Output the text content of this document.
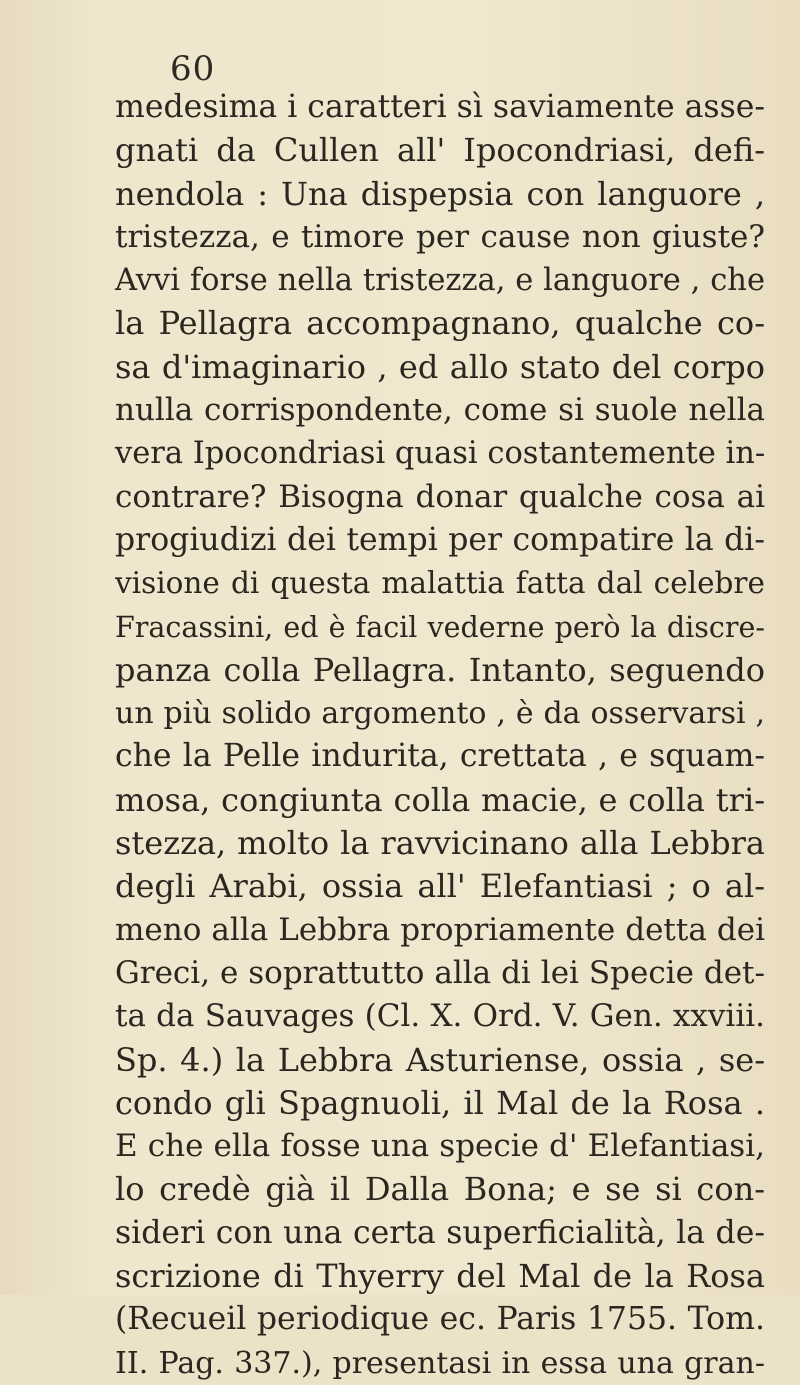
60
medesima i caratteri sì saviamente asse-
gnati da Cullen all' Ipocondriasi, defi-
nendola : Una dispepsia con languore ,
tristezza, e timore per cause non giuste?
Avvi forse nella tristezza, e languore , che
la Pellagra accompagnano, qualche co-
sa d'imaginario , ed allo stato del corpo
nulla corrispondente, come si suole nella
vera Ipocondriasi quasi costantemente in-
contrare? Bisogna donar qualche cosa ai
progiudizi dei tempi per compatire la di-
visione di questa malattia fatta dal celebre
Fracassini, ed è facil vederne però la discre-
panza colla Pellagra. Intanto, seguendo
un più solido argomento , è da osservarsi ,
che la Pelle indurita, crettata , e squam-
mosa, congiunta colla macie, e colla tri-
stezza, molto la ravvicinano alla Lebbra
degli Arabi, ossia all' Elefantiasi ; o al-
meno alla Lebbra propriamente detta dei
Greci, e soprattutto alla di lei Specie det-
ta da Sauvages (Cl. X. Ord. V. Gen. xxviii.
Sp. 4.) la Lebbra Asturiense, ossia , se-
condo gli Spagnuoli, il Mal de la Rosa .
E che ella fosse una specie d' Elefantiasi,
lo credè già il Dalla Bona; e se si con-
sideri con una certa superficialità, la de-
scrizione di Thyerry del Mal de la Rosa
(Recueil periodique ec. Paris 1755. Tom.
II. Pag. 337.), presentasi in essa una gran-
